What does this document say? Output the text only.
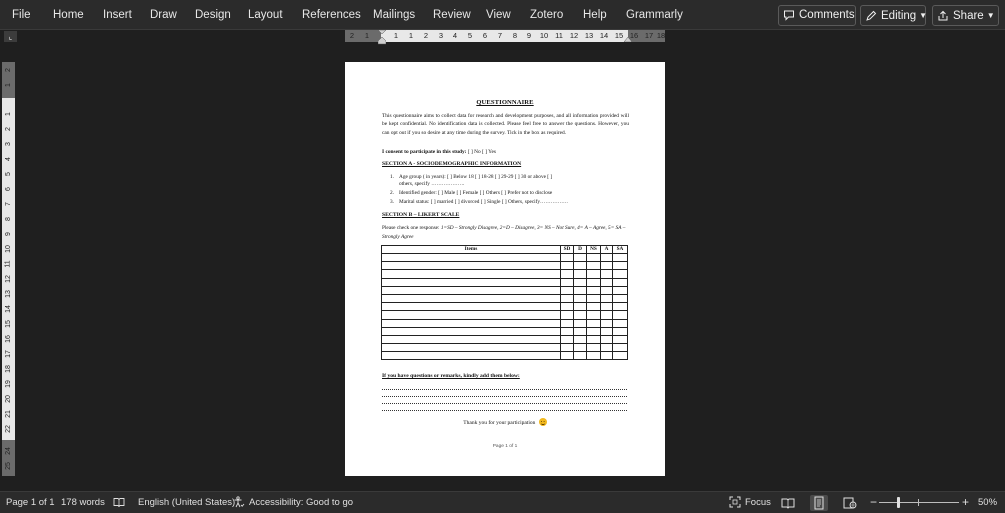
File Home Insert Draw Design Layout References Mailings Review View Zotero Help Grammarly	Comments	Editing ▼	Share ▼
⌞	2 1	1 1 2 3 4 5 6 7 8 9 10 11 12 13 14 15 16 17 18
2
1
1
2
3
4
5
6
7
8
9
10
11
12
13
14
15
16
17
18
19
20
21
22
24
25
QUESTIONNAIRE
This questionnaire aims to collect data for research and development purposes, and all information provided will be kept confidential. No identification data is collected. Please feel free to answer the questions. However, you can opt out if you so desire at any time during the survey. Tick in the box as required.
I consent to participate in this study: [ ] No [ ] Yes
SECTION A - SOCIODEMOGRAPHIC INFORMATION
1. Age group ( in years): [ ] Below 18 [ ] 18-28 [ ] 29-29 [ ] 30 or above [ ]
others, specify ……………….
2. Identified gender: [ ] Male [ ] Female [ ] Others [ ] Prefer not to disclose
3. Marital status: [ ] married [ ] divorced [ ] Single [ ] Others, specify…………….
SECTION B – LIKERT SCALE
Please check one response: 1=SD – Strongly Disagree, 2=D – Disagree, 3= NS – Not Sure, 4= A – Agree, 5= SA – Strongly Agree
Items	SD	D	NS	A	SA

If you have questions or remarks, kindly add them below:
Thank you for your participation
Page 1 of 1
Page 1 of 1 178 words	English (United States)	Accessibility: Good to go	Focus	−	+ 50%
